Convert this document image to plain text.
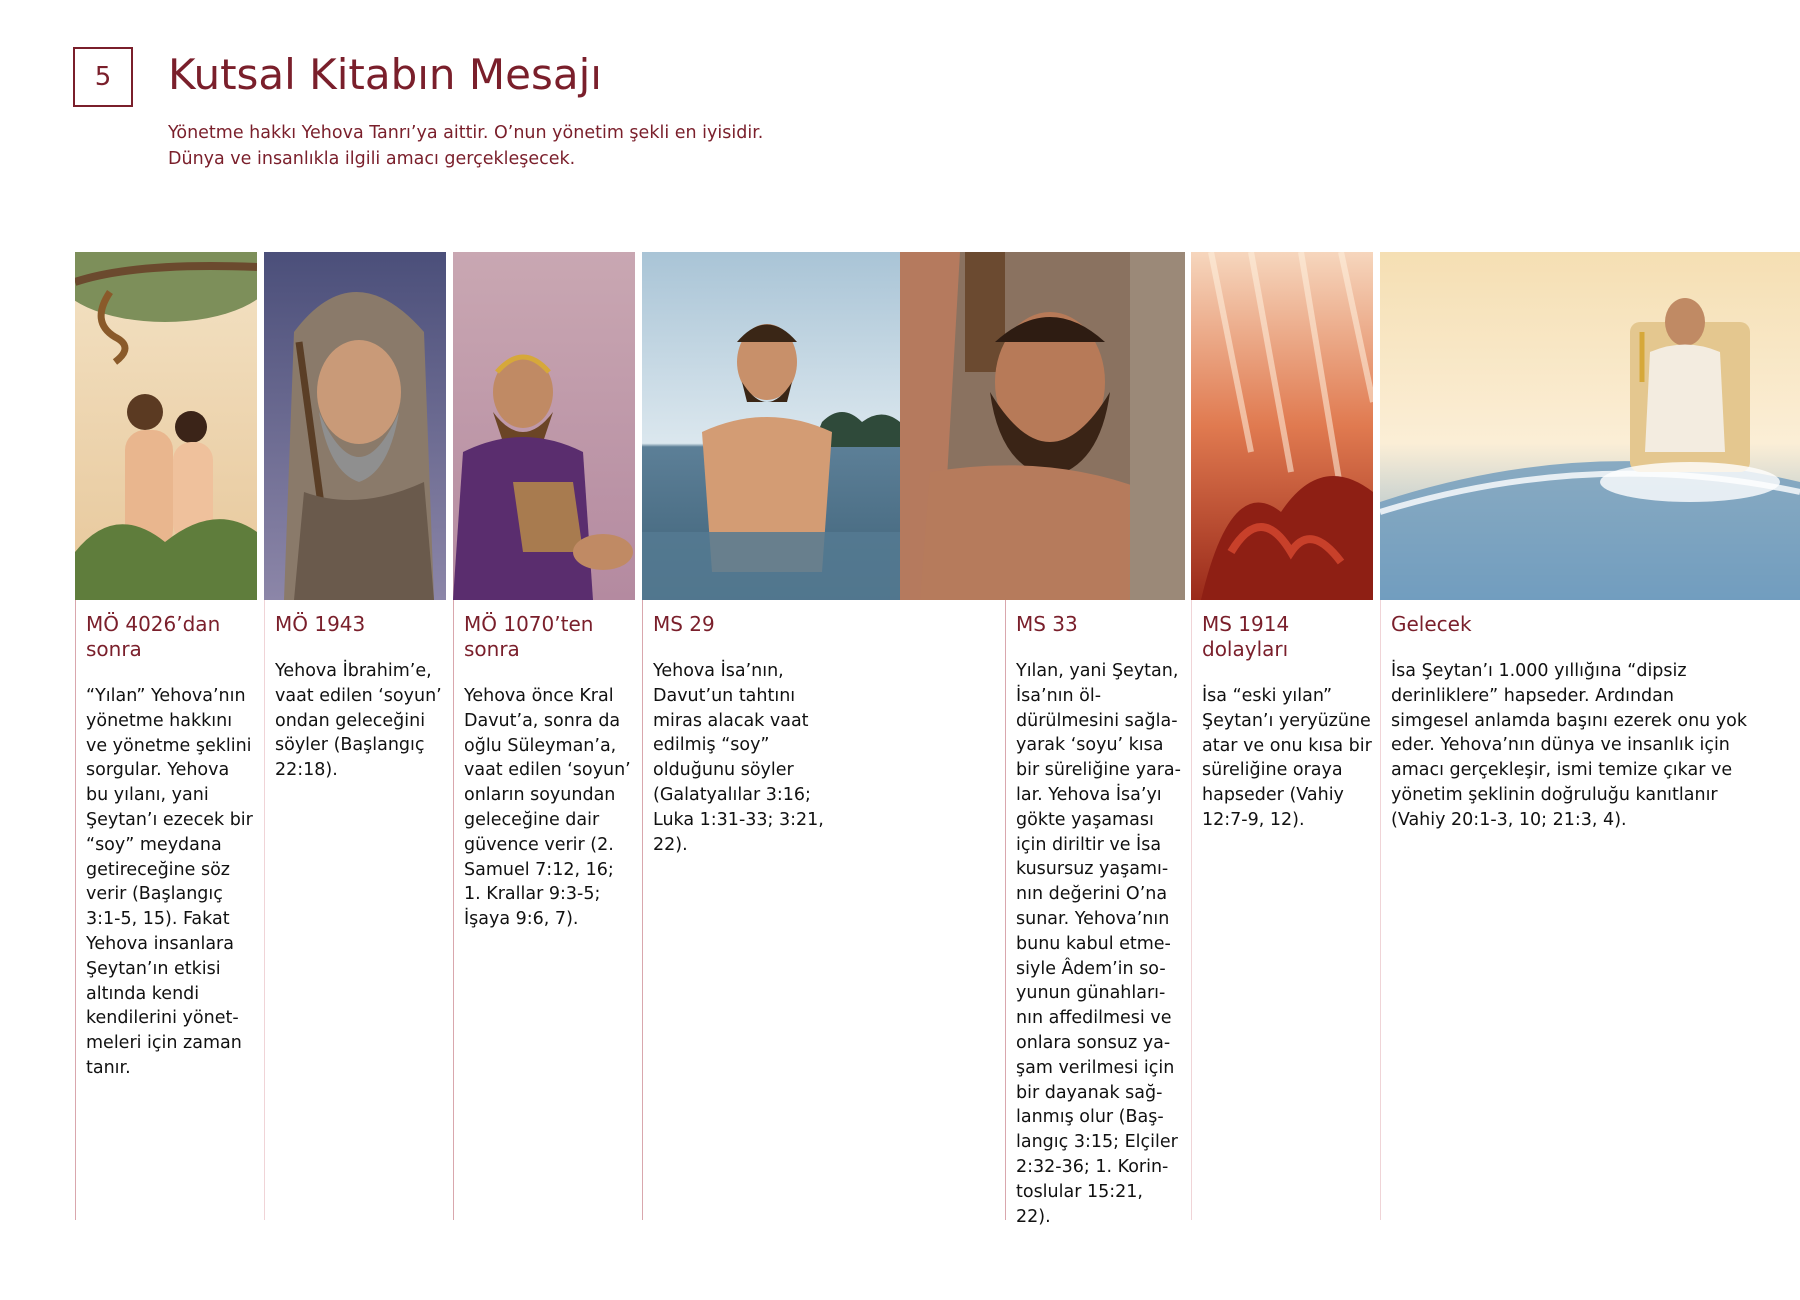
5 Kutsal Kitabın Mesajı
Yönetme hakkı Yehova Tanrı’ya aittir. O’nun yönetim şekli en iyisidir.
Dünya ve insanlıkla ilgili amacı gerçekleşecek.
MÖ 4026’dan sonra
“Yılan” Yehova’nın yönetme hakkını ve yönetme şeklini sorgular. Yehova bu yılanı, yani Şeytan’ı ezecek bir “soy” meydana getireceğine söz verir (Başlangıç 3:1-5, 15). Fakat Yehova insanlara Şeytan’ın etkisi altında kendi kendilerini yönet-meleri için zaman tanır.
MÖ 1943
Yehova İbrahim’e, vaat edilen ‘soyun’ ondan geleceğini söyler (Başlangıç 22:18).
MÖ 1070’ten sonra
Yehova önce Kral Davut’a, sonra da oğlu Süleyman’a, vaat edilen ‘soyun’ onların soyundan geleceğine dair güvence verir (2. Samuel 7:12, 16; 1. Krallar 9:3-5; İşaya 9:6, 7).
MS 29
Yehova İsa’nın, Davut’un tahtını miras alacak vaat edilmiş “soy” olduğunu söyler (Galatyalılar 3:16; Luka 1:31-33; 3:21, 22).
MS 33
Yılan, yani Şeytan, İsa’nın öl-dürülmesini sağla-yarak ‘soyu’ kısa bir süreliğine yara-lar. Yehova İsa’yı gökte yaşaması için diriltir ve İsa kusursuz yaşamı-nın değerini O’na sunar. Yehova’nın bunu kabul etme-siyle Âdem’in so-yunun günahları-nın affedilmesi ve onlara sonsuz ya-şam verilmesi için bir dayanak sağ-lanmış olur (Baş-langıç 3:15; Elçiler 2:32-36; 1. Korin-toslular 15:21, 22).
MS 1914 dolayları
İsa “eski yılan” Şeytan’ı yeryüzüne atar ve onu kısa bir süreliğine oraya hapseder (Vahiy 12:7-9, 12).
Gelecek
İsa Şeytan’ı 1.000 yıllığına “dipsiz derinliklere” hapseder. Ardından simgesel anlamda başını ezerek onu yok eder. Yehova’nın dünya ve insanlık için amacı gerçekleşir, ismi temize çıkar ve yönetim şeklinin doğruluğu kanıtlanır (Vahiy 20:1-3, 10; 21:3, 4).
